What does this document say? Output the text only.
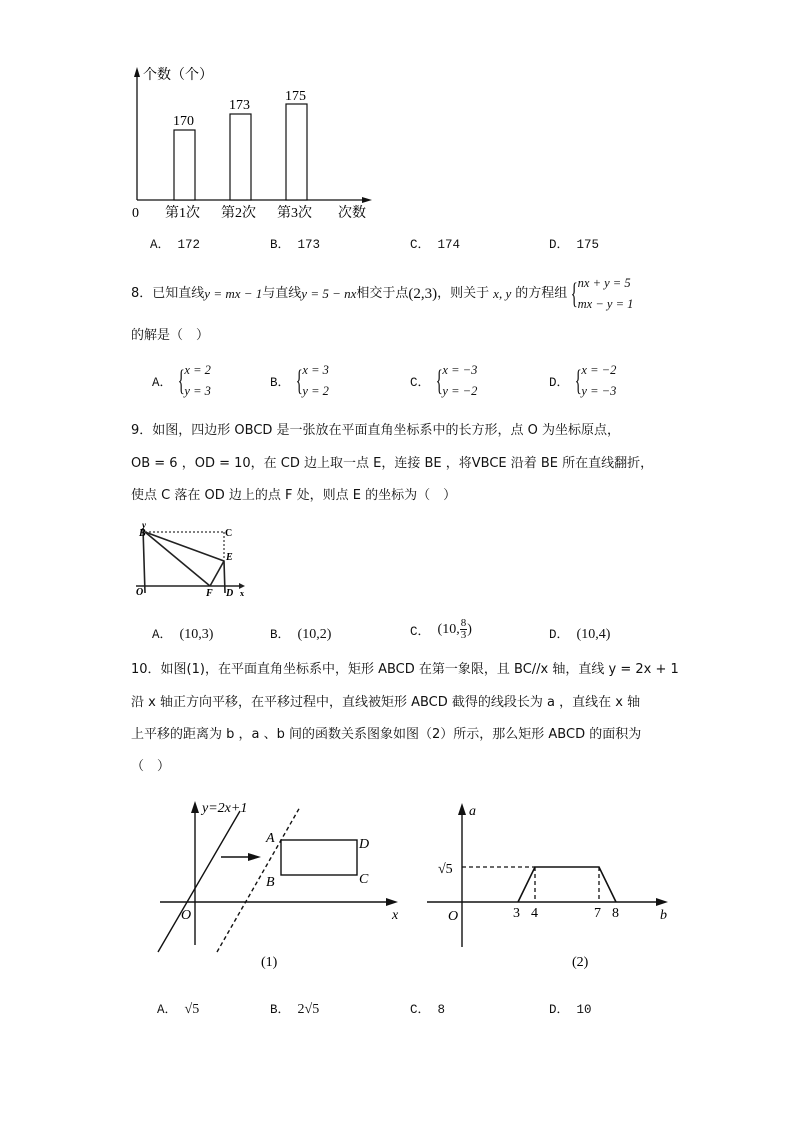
个数（个）
170
173
175
0 第1次 第2次 第3次 次数
A． 172	B． 173	C． 174	D． 175
8． 已知直线 y = mx − 1 与直线 y = 5 − nx 相交于点 (2,3) ，则关于 x, y 的方程组 { nx + y = 5
mx − y = 1
的解是（　）
A． { x = 2
y = 3
B． { x = 3
y = 2
C． { x = −3
y = −2
D． { x = −2
y = −3
9．如图，四边形 OBCD 是一张放在平面直角坐标系中的长方形，点 O 为坐标原点，
OB = 6 ，OD = 10，在 CD 边上取一点 E，连接 BE ，将VBCE 沿着 BE 所在直线翻折，
使点 C 落在 OD 边上的点 F 处，则点 E 的坐标为（　）
y
B	C
E
O	F D x
A． (10,3)	B． (10,2)	C．
(10, $\frac{8}{3}$ )	D． (10,4)
10．如图(1)，在平面直角坐标系中，矩形 ABCD 在第一象限，且 BC//x 轴，直线 y = 2x + 1
沿 x 轴正方向平移，在平移过程中，直线被矩形 ABCD 截得的线段长为 a ，直线在 x 轴
上平移的距离为 b ，a 、b 间的函数关系图象如图（2）所示，那么矩形 ABCD 的面积为
（　）
y=2x+1
A
B
D
C
O	x
(1)
a
√5
O	3 4	7 8	b
(2)
A． √5	B． 2√5	C． 8	D． 10
